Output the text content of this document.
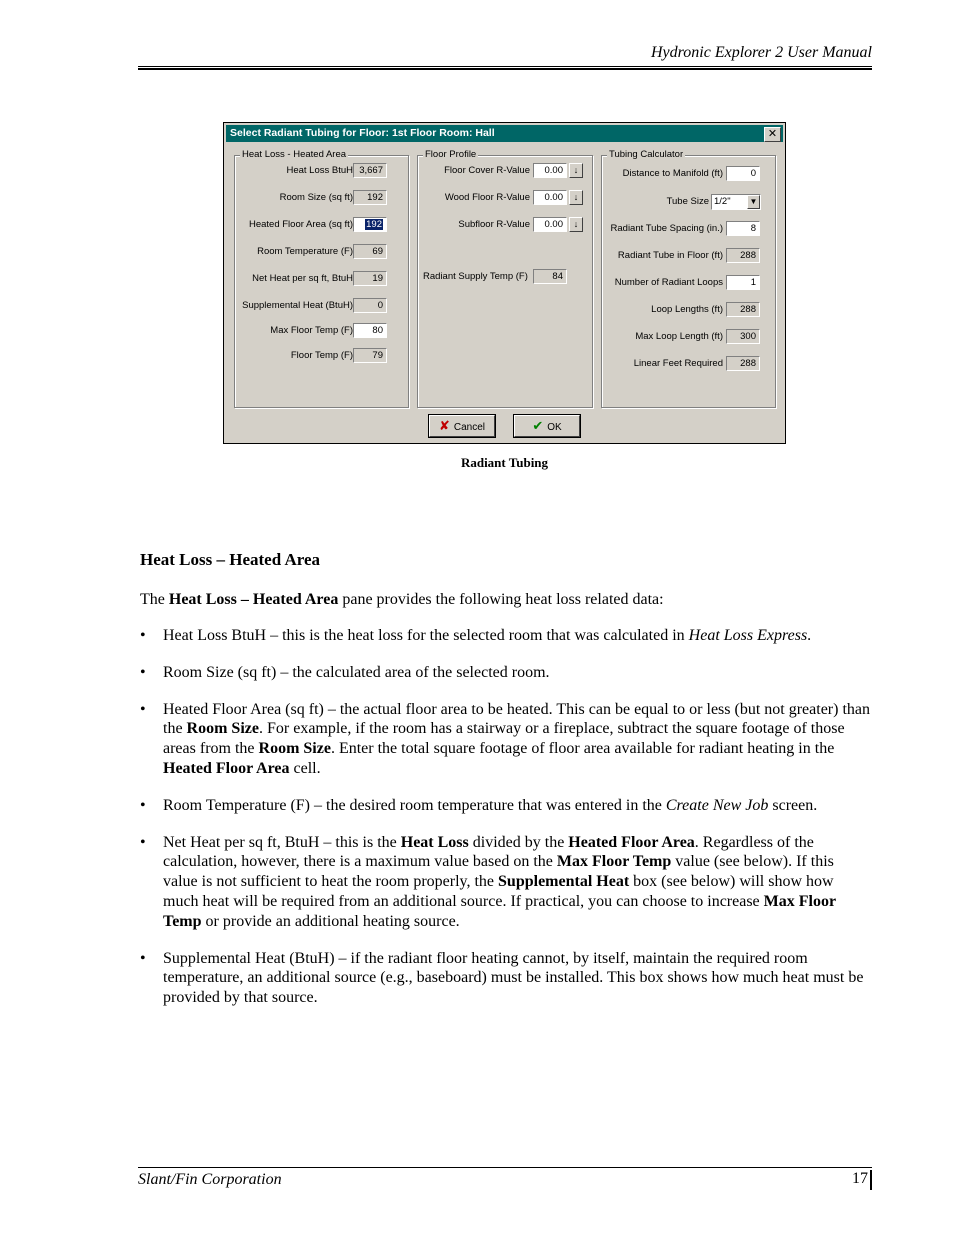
Hydronic Explorer 2 User Manual
Select Radiant Tubing for Floor: 1st Floor Room: Hall	✕
Heat Loss - Heated Area
Heat Loss BtuH 3,667
Room Size (sq ft)	192
Heated Floor Area (sq ft)	192
Room Temperature (F)	69
Net Heat per sq ft, BtuH	19
Supplemental Heat (BtuH)	0
Max Floor Temp (F)	80
Floor Temp (F)	79
Floor Profile
Floor Cover R-Value	0.00	↓
Wood Floor R-Value	0.00	↓
Subfloor R-Value	0.00	↓
Radiant Supply Temp (F)	84
Tubing Calculator
Distance to Manifold (ft)	0
Tube Size 1/2"	▼
Radiant Tube Spacing (in.)	8
Radiant Tube in Floor (ft)	288
Number of Radiant Loops	1
Loop Lengths (ft)	288
Max Loop Length (ft)	300
Linear Feet Required	288
✘ Cancel	✔ OK
Radiant Tubing
Heat Loss – Heated Area
The Heat Loss – Heated Area pane provides the following heat loss related data:
• Heat Loss BtuH – this is the heat loss for the selected room that was calculated in Heat Loss Express.
• Room Size (sq ft) – the calculated area of the selected room.
• Heated Floor Area (sq ft) – the actual floor area to be heated. This can be equal to or less (but not greater) than the Room Size. For example, if the room has a stairway or a fireplace, subtract the square footage of those areas from the Room Size. Enter the total square footage of floor area available for radiant heating in the Heated Floor Area cell.
• Room Temperature (F) – the desired room temperature that was entered in the Create New Job screen.
• Net Heat per sq ft, BtuH – this is the Heat Loss divided by the Heated Floor Area. Regardless of the calculation, however, there is a maximum value based on the Max Floor Temp value (see below). If this value is not sufficient to heat the room properly, the Supplemental Heat box (see below) will show how much heat will be required from an additional source. If practical, you can choose to increase Max Floor Temp or provide an additional heating source.
• Supplemental Heat (BtuH) – if the radiant floor heating cannot, by itself, maintain the required room temperature, an additional source (e.g., baseboard) must be installed. This box shows how much heat must be provided by that source.
Slant/Fin Corporation	17
